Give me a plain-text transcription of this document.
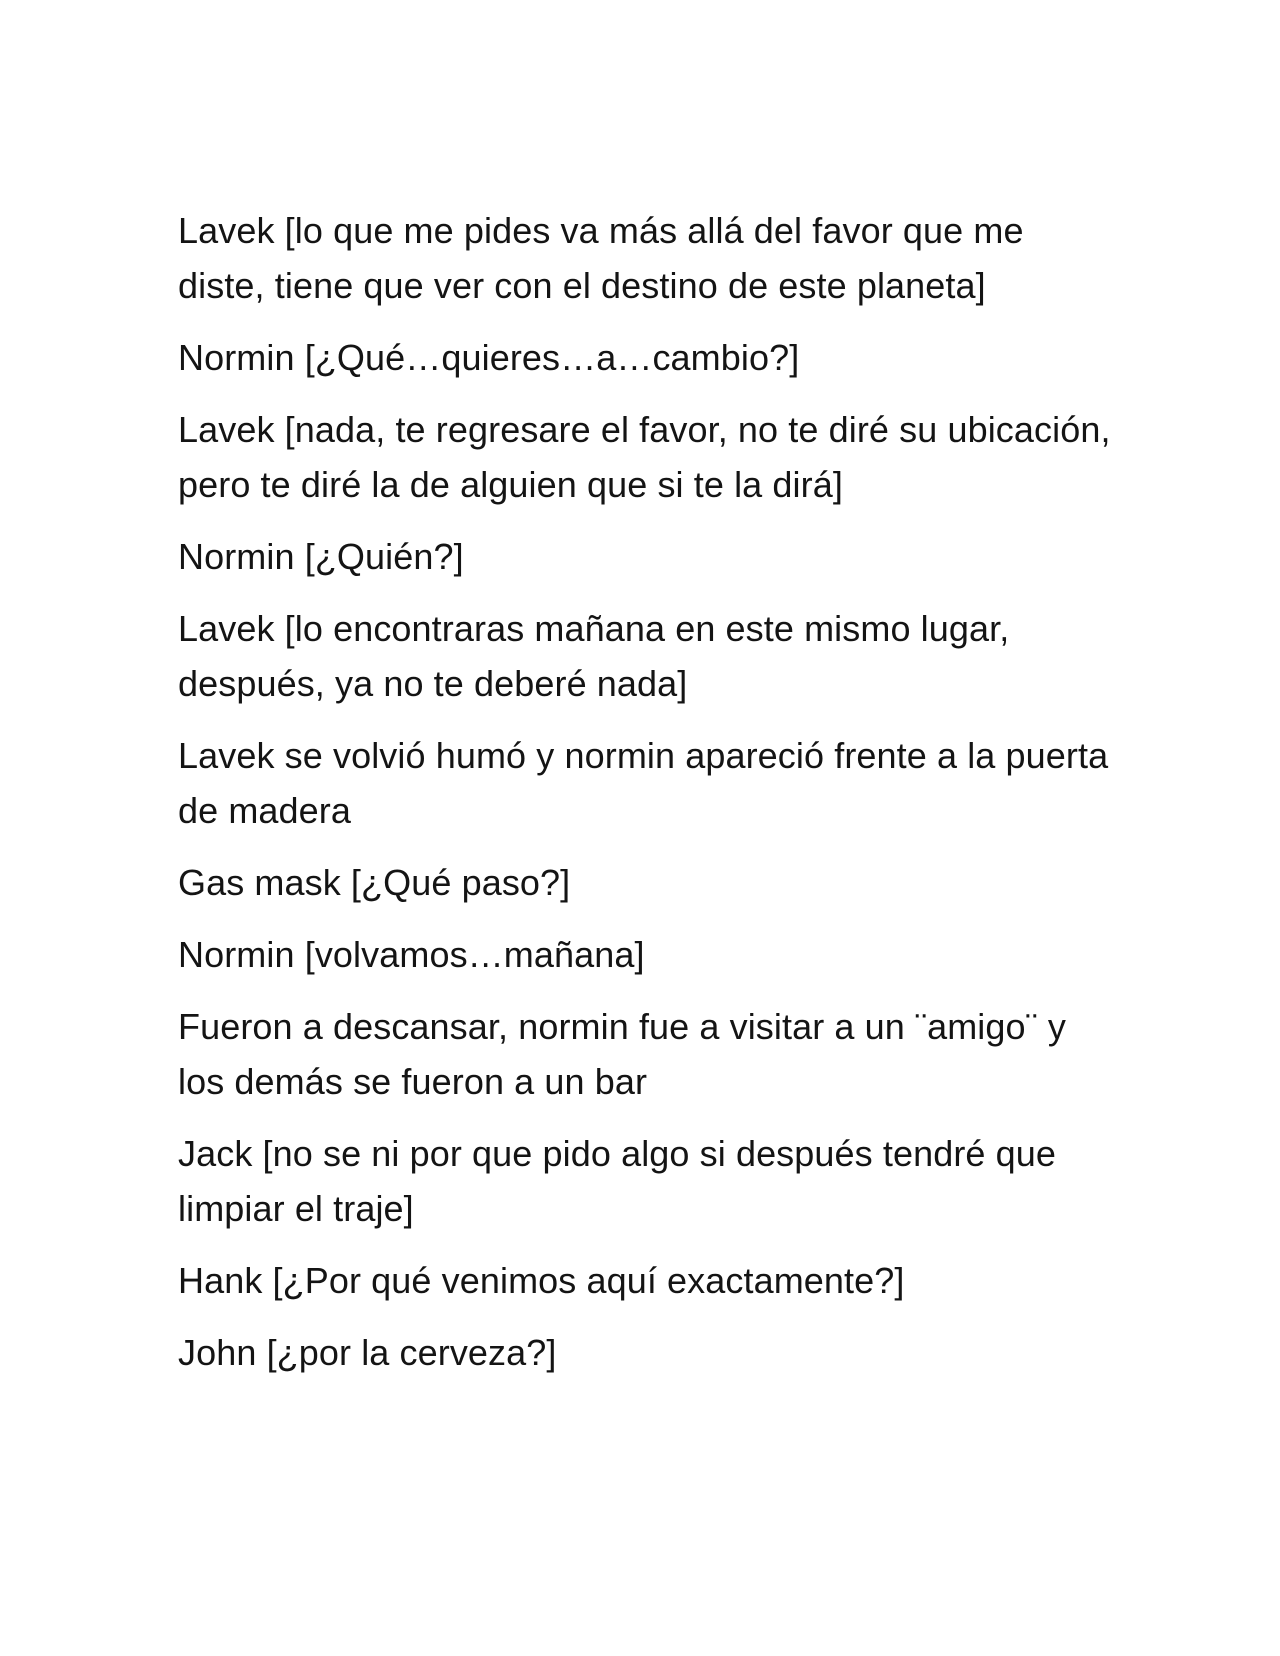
Lavek [lo que me pides va más allá del favor que me diste, tiene que ver con el destino de este planeta]

Normin [¿Qué…quieres…a…cambio?]

Lavek [nada, te regresare el favor, no te diré su ubicación, pero te diré la de alguien que si te la dirá]

Normin [¿Quién?]

Lavek [lo encontraras mañana en este mismo lugar, después, ya no te deberé nada]

Lavek se volvió humó y normin apareció frente a la puerta de madera

Gas mask [¿Qué paso?]

Normin [volvamos…mañana]

Fueron a descansar, normin fue a visitar a un ¨amigo¨ y los demás se fueron a un bar

Jack [no se ni por que pido algo si después tendré que limpiar el traje]

Hank [¿Por qué venimos aquí exactamente?]

John [¿por la cerveza?]
